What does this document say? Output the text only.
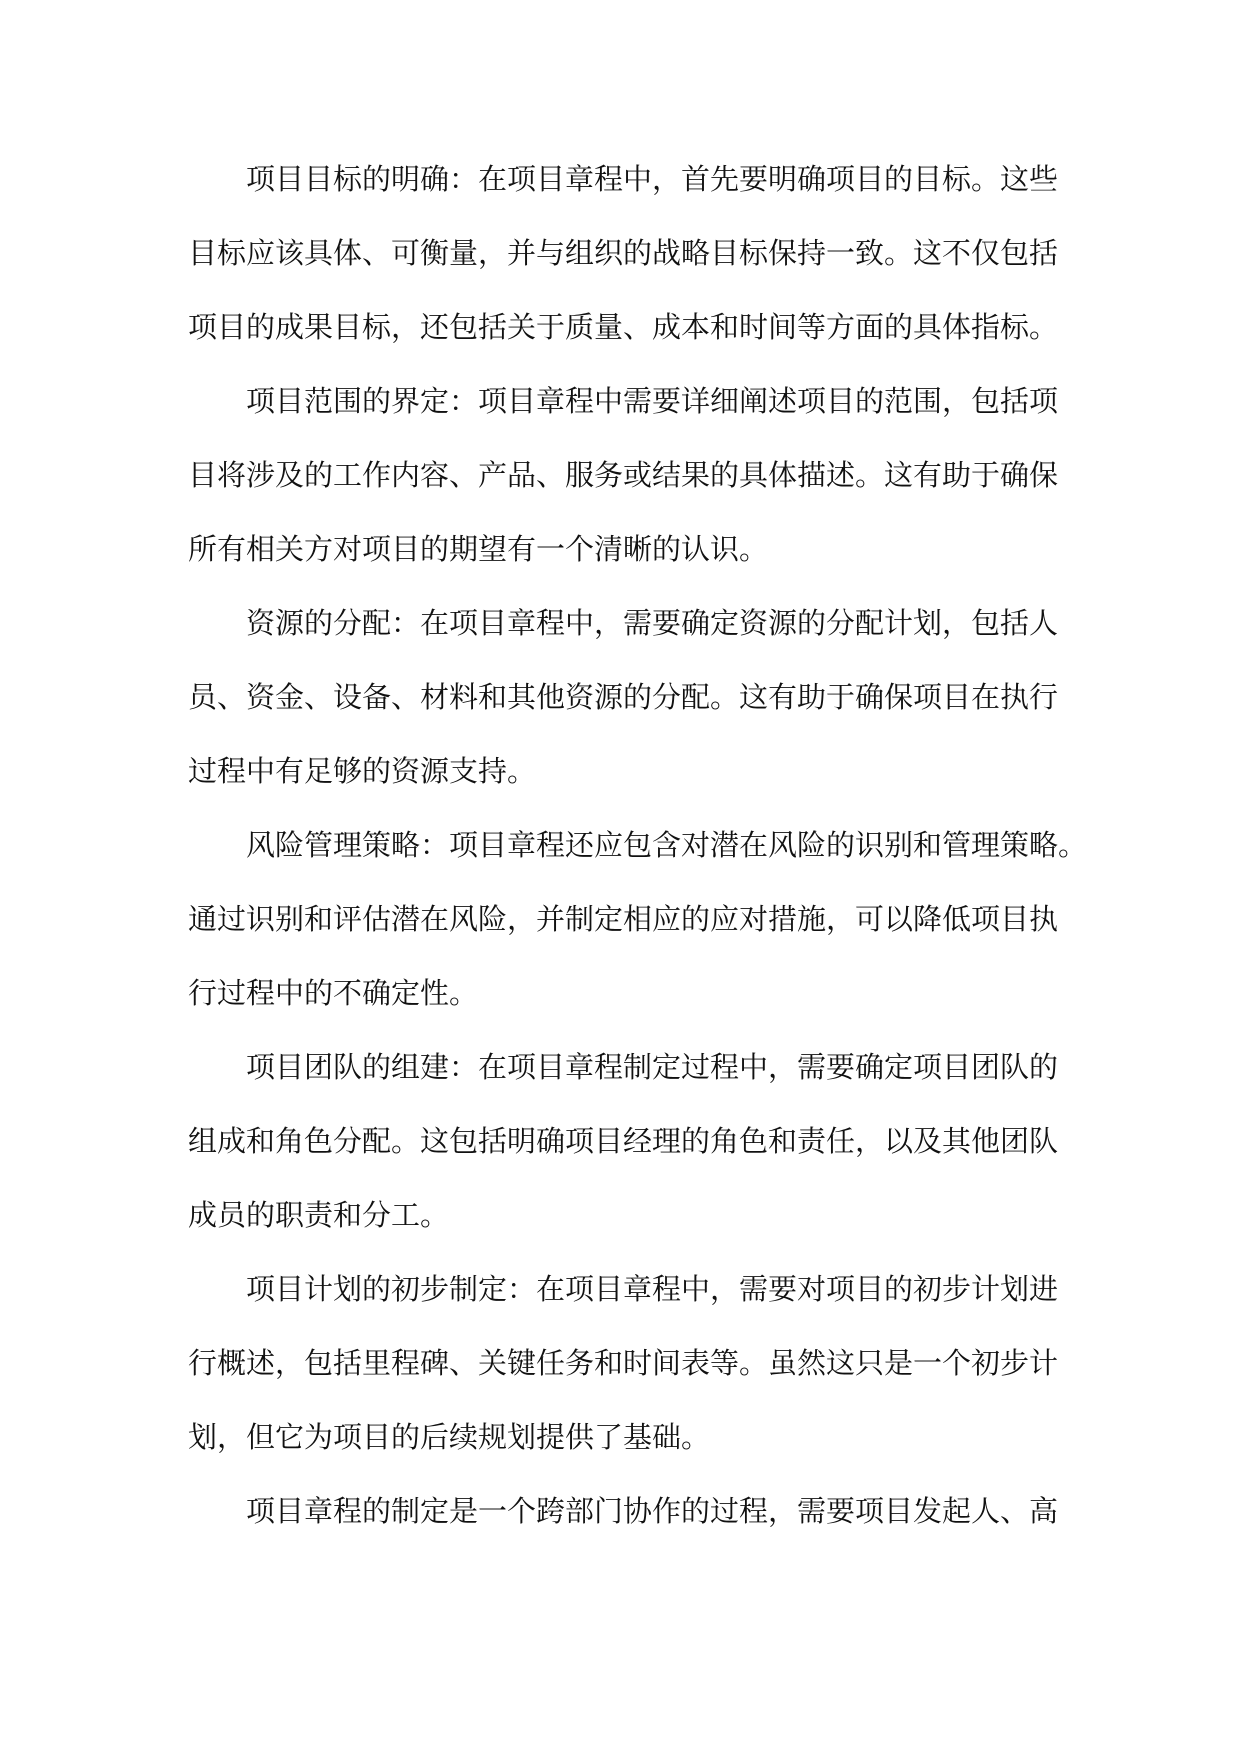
项目目标的明确：在项目章程中，首先要明确项目的目标。这些
目标应该具体、可衡量，并与组织的战略目标保持一致。这不仅包括
项目的成果目标，还包括关于质量、成本和时间等方面的具体指标。
项目范围的界定：项目章程中需要详细阐述项目的范围，包括项
目将涉及的工作内容、产品、服务或结果的具体描述。这有助于确保
所有相关方对项目的期望有一个清晰的认识。
资源的分配：在项目章程中，需要确定资源的分配计划，包括人
员、资金、设备、材料和其他资源的分配。这有助于确保项目在执行
过程中有足够的资源支持。
风险管理策略：项目章程还应包含对潜在风险的识别和管理策略。
通过识别和评估潜在风险，并制定相应的应对措施，可以降低项目执
行过程中的不确定性。
项目团队的组建：在项目章程制定过程中，需要确定项目团队的
组成和角色分配。这包括明确项目经理的角色和责任，以及其他团队
成员的职责和分工。
项目计划的初步制定：在项目章程中，需要对项目的初步计划进
行概述，包括里程碑、关键任务和时间表等。虽然这只是一个初步计
划，但它为项目的后续规划提供了基础。
项目章程的制定是一个跨部门协作的过程，需要项目发起人、高
